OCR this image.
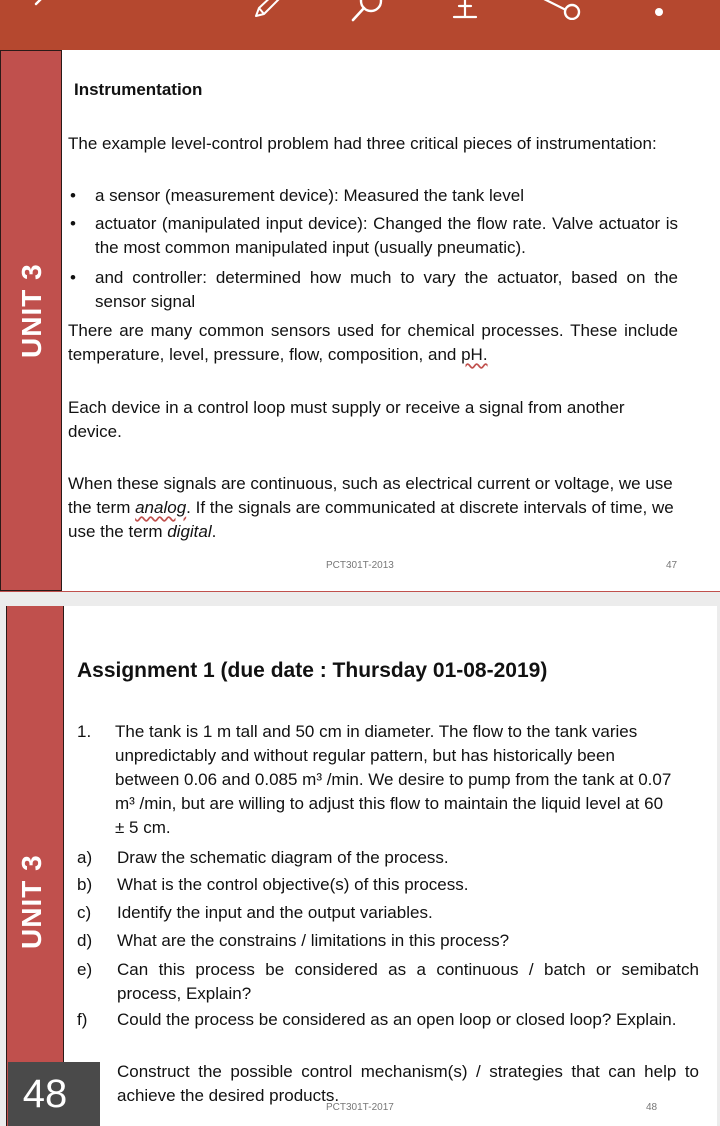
UNIT 3
Instrumentation
The example level-control problem had three critical pieces of instrumentation:
• a sensor (measurement device): Measured the tank level
• actuator (manipulated input device): Changed the flow rate. Valve actuator is the most common manipulated input (usually pneumatic).
• and controller: determined how much to vary the actuator, based on the sensor signal
There are many common sensors used for chemical processes. These include temperature, level, pressure, flow, composition, and pH.
Each device in a control loop must supply or receive a signal from another device.
When these signals are continuous, such as electrical current or voltage, we use the term analog. If the signals are communicated at discrete intervals of time, we use the term digital.
PCT301T-2013	47
UNIT 3
Assignment 1 (due date : Thursday 01-08-2019)
1. The tank is 1 m tall and 50 cm in diameter. The flow to the tank varies unpredictably and without regular pattern, but has historically been between 0.06 and 0.085 m³ /min. We desire to pump from the tank at 0.07 m³ /min, but are willing to adjust this flow to maintain the liquid level at 60 ± 5 cm.
a) Draw the schematic diagram of the process.
b) What is the control objective(s) of this process.
c) Identify the input and the output variables.
d) What are the constrains / limitations in this process?
e) Can this process be considered as a continuous / batch or semibatch process, Explain?
f) Could the process be considered as an open loop or closed loop? Explain.
Construct the possible control mechanism(s) / strategies that can help to achieve the desired products.
PCT301T-2017	48
48
